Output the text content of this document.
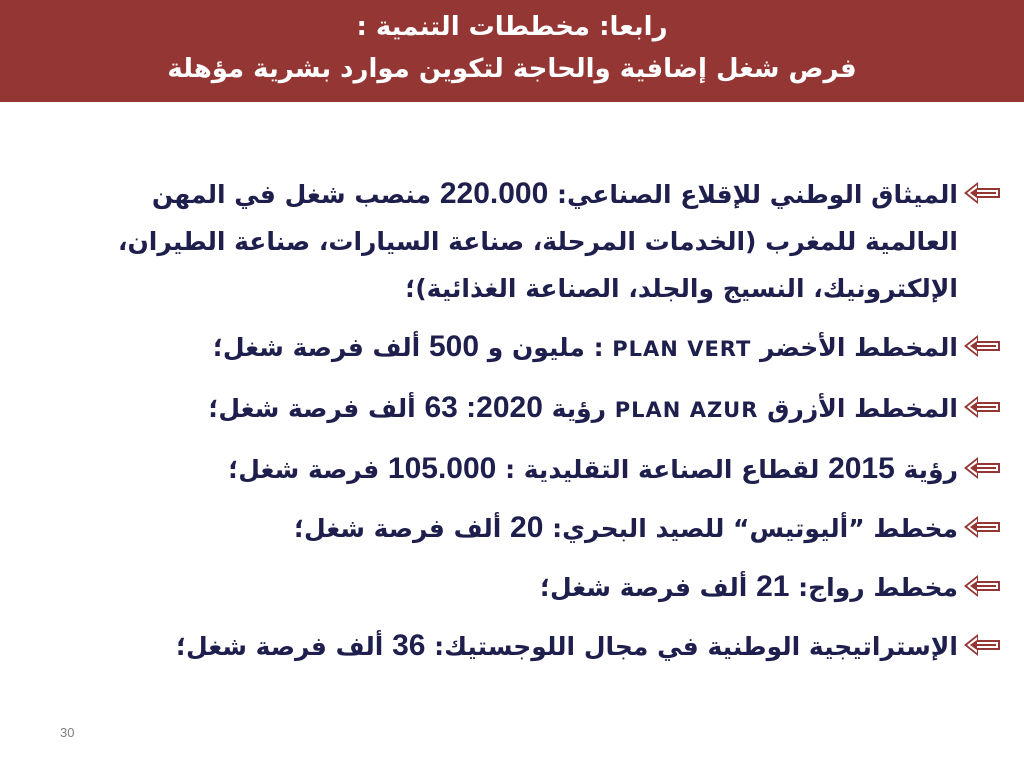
رابعا: مخططات التنمية :
فرص شغل إضافية والحاجة لتكوين موارد بشرية مؤهلة
الميثاق الوطني للإقلاع الصناعي: 220.000 منصب شغل في المهن العالمية للمغرب (الخدمات المرحلة، صناعة السيارات، صناعة الطيران، الإلكترونيك، النسيج والجلد، الصناعة الغذائية)؛
المخطط الأخضر PLAN VERT : مليون و 500 ألف فرصة شغل؛
المخطط الأزرق PLAN AZUR رؤية 2020: 63 ألف فرصة شغل؛
رؤية 2015 لقطاع الصناعة التقليدية : 105.000 فرصة شغل؛
مخطط ”أليوتيس“ للصيد البحري: 20 ألف فرصة شغل؛
مخطط رواج: 21 ألف فرصة شغل؛
الإستراتيجية الوطنية في مجال اللوجستيك: 36 ألف فرصة شغل؛
30
